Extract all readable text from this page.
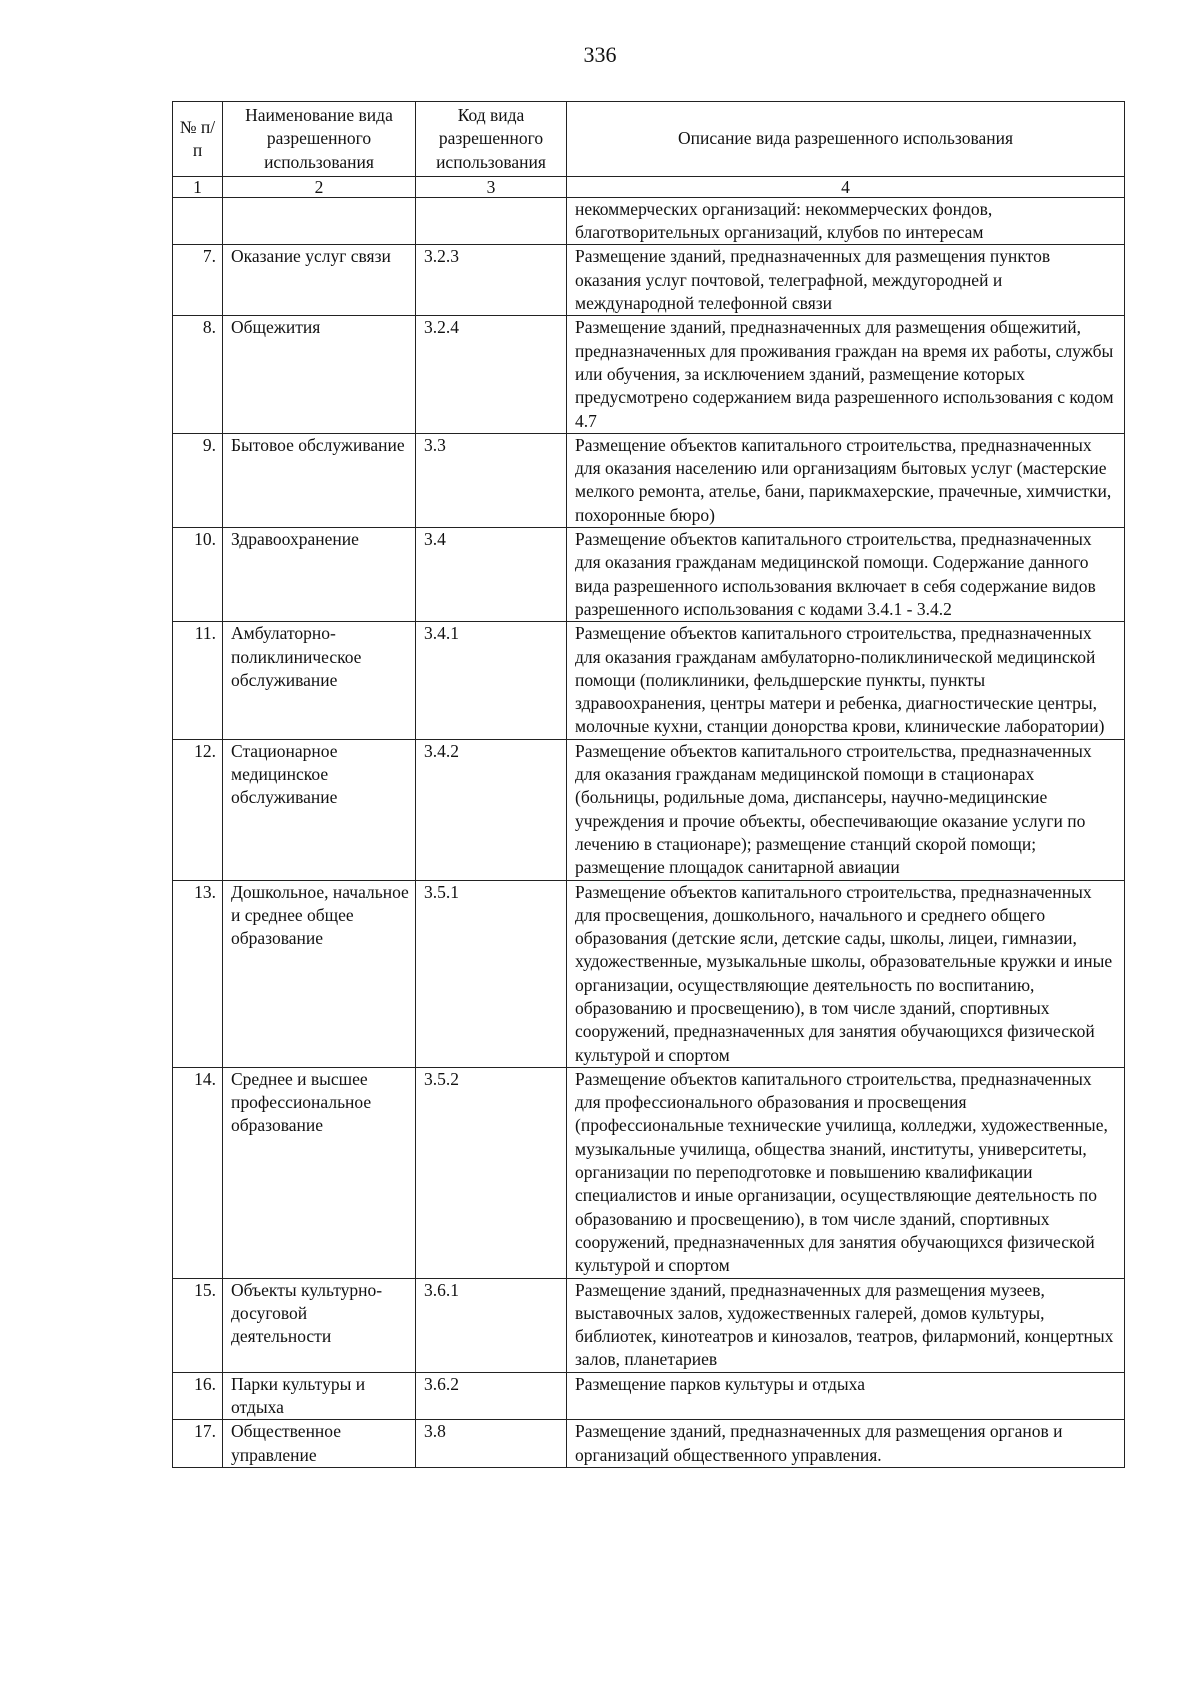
336
№ п/п	Наименование вида разрешенного использования	Код вида разрешенного использования	Описание вида разрешенного использования
1	2	3	4
			некоммерческих организаций: некоммерческих фондов, благотворительных организаций, клубов по интересам
7.	Оказание услуг связи	3.2.3	Размещение зданий, предназначенных для размещения пунктов оказания услуг почтовой, телеграфной, междугородней и международной телефонной связи
8.	Общежития	3.2.4	Размещение зданий, предназначенных для размещения общежитий, предназначенных для проживания граждан на время их работы, службы или обучения, за исключением зданий, размещение которых предусмотрено содержанием вида разрешенного использования с кодом 4.7
9.	Бытовое обслуживание	3.3	Размещение объектов капитального строительства, предназначенных для оказания населению или организациям бытовых услуг (мастерские мелкого ремонта, ателье, бани, парикмахерские, прачечные, химчистки, похоронные бюро)
10.	Здравоохранение	3.4	Размещение объектов капитального строительства, предназначенных для оказания гражданам медицинской помощи. Содержание данного вида разрешенного использования включает в себя содержание видов разрешенного использования с кодами 3.4.1 - 3.4.2
11.	Амбулаторно-поликлиническое обслуживание	3.4.1	Размещение объектов капитального строительства, предназначенных для оказания гражданам амбулаторно-поликлинической медицинской помощи (поликлиники, фельдшерские пункты, пункты здравоохранения, центры матери и ребенка, диагностические центры, молочные кухни, станции донорства крови, клинические лаборатории)
12.	Стационарное медицинское обслуживание	3.4.2	Размещение объектов капитального строительства, предназначенных для оказания гражданам медицинской помощи в стационарах (больницы, родильные дома, диспансеры, научно-медицинские учреждения и прочие объекты, обеспечивающие оказание услуги по лечению в стационаре); размещение станций скорой помощи; размещение площадок санитарной авиации
13.	Дошкольное, начальное и среднее общее образование	3.5.1	Размещение объектов капитального строительства, предназначенных для просвещения, дошкольного, начального и среднего общего образования (детские ясли, детские сады, школы, лицеи, гимназии, художественные, музыкальные школы, образовательные кружки и иные организации, осуществляющие деятельность по воспитанию, образованию и просвещению), в том числе зданий, спортивных сооружений, предназначенных для занятия обучающихся физической культурой и спортом
14.	Среднее и высшее профессиональное образование	3.5.2	Размещение объектов капитального строительства, предназначенных для профессионального образования и просвещения (профессиональные технические училища, колледжи, художественные, музыкальные училища, общества знаний, институты, университеты, организации по переподготовке и повышению квалификации специалистов и иные организации, осуществляющие деятельность по образованию и просвещению), в том числе зданий, спортивных сооружений, предназначенных для занятия обучающихся физической культурой и спортом
15.	Объекты культурно-досуговой деятельности	3.6.1	Размещение зданий, предназначенных для размещения музеев, выставочных залов, художественных галерей, домов культуры, библиотек, кинотеатров и кинозалов, театров, филармоний, концертных залов, планетариев
16.	Парки культуры и отдыха	3.6.2	Размещение парков культуры и отдыха
17.	Общественное управление	3.8	Размещение зданий, предназначенных для размещения органов и организаций общественного управления.
